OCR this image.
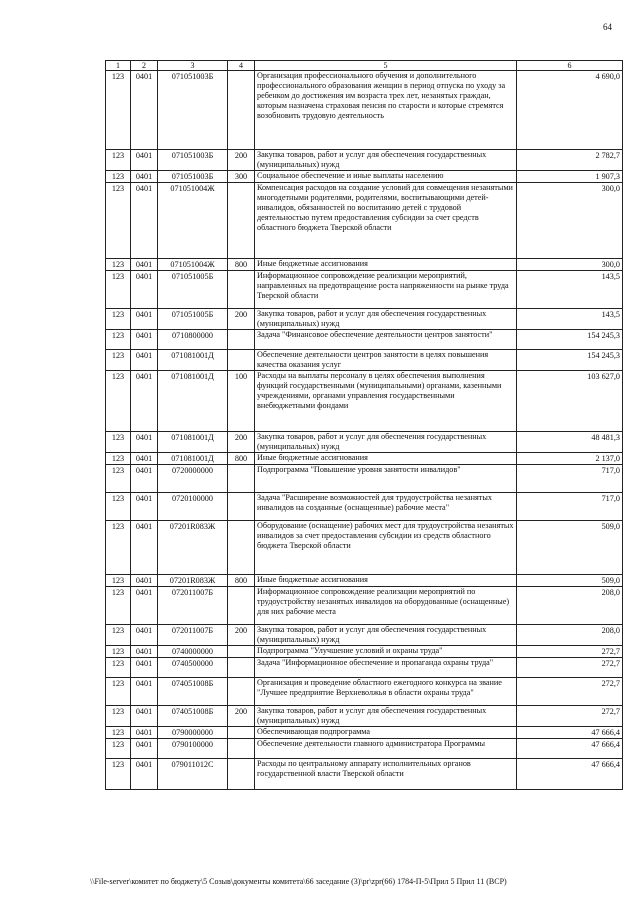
64
1	2	3	4	5	6
123	0401	071051003Б		Организация профессионального обучения и дополнительного профессионального образования женщин в период отпуска по уходу за ребенком до достижения им возраста трех лет, незанятых граждан, которым назначена страховая пенсия по старости и которые стремятся возобновить трудовую деятельность	4 690,0
123	0401	071051003Б	200	Закупка товаров, работ и услуг для обеспечения государственных (муниципальных) нужд	2 782,7
123	0401	071051003Б	300	Социальное обеспечение и иные выплаты населению	1 907,3
123	0401	071051004Ж		Компенсация расходов на создание условий для совмещения незанятыми многодетными родителями, родителями, воспитывающими детей-инвалидов, обязанностей по воспитанию детей с трудовой деятельностью путем предоставления субсидии за счет средств областного бюджета Тверской области	300,0
123	0401	071051004Ж	800	Иные бюджетные ассигнования	300,0
123	0401	071051005Б		Информационное сопровождение реализации мероприятий, направленных на предотвращение роста напряженности на рынке труда Тверской области	143,5
123	0401	071051005Б	200	Закупка товаров, работ и услуг для обеспечения государственных (муниципальных) нужд	143,5
123	0401	0710800000		Задача "Финансовое обеспечение деятельности центров занятости"	154 245,3
123	0401	071081001Д		Обеспечение деятельности центров занятости в целях повышения качества оказания услуг	154 245,3
123	0401	071081001Д	100	Расходы на выплаты персоналу в целях обеспечения выполнения функций государственными (муниципальными) органами, казенными учреждениями, органами управления государственными внебюджетными фондами	103 627,0
123	0401	071081001Д	200	Закупка товаров, работ и услуг для обеспечения государственных (муниципальных) нужд	48 481,3
123	0401	071081001Д	800	Иные бюджетные ассигнования	2 137,0
123	0401	0720000000		Подпрограмма "Повышение уровня занятости инвалидов"	717,0
123	0401	0720100000		Задача "Расширение возможностей для трудоустройства незанятых инвалидов на созданные (оснащенные) рабочие места"	717,0
123	0401	07201R083Ж		Оборудование (оснащение) рабочих мест для трудоустройства незанятых инвалидов за счет предоставления субсидии из средств областного бюджета Тверской области	509,0
123	0401	07201R083Ж	800	Иные бюджетные ассигнования	509,0
123	0401	072011007Б		Информационное сопровождение реализации мероприятий по трудоустройству незанятых инвалидов на оборудованные (оснащенные) для них рабочие места	208,0
123	0401	072011007Б	200	Закупка товаров, работ и услуг для обеспечения государственных (муниципальных) нужд	208,0
123	0401	0740000000		Подпрограмма "Улучшение условий и охраны труда"	272,7
123	0401	0740500000		Задача "Информационное обеспечение и пропаганда охраны труда"	272,7
123	0401	074051008Б		Организация и проведение областного ежегодного конкурса на звание "Лучшее предприятие Верхневолжья в области охраны труда"	272,7
123	0401	074051008Б	200	Закупка товаров, работ и услуг для обеспечения государственных (муниципальных) нужд	272,7
123	0401	0790000000		Обеспечивающая подпрограмма	47 666,4
123	0401	0790100000		Обеспечение деятельности главного администратора Программы	47 666,4
123	0401	079011012С		Расходы по центральному аппарату исполнительных органов государственной власти Тверской области	47 666,4
\\File-server\комитет по бюджету\5 Созыв\документы комитета\66 заседание (3)\pr\zpr(66) 1784-П-5\Прил 5 Прил 11 (ВСР)
